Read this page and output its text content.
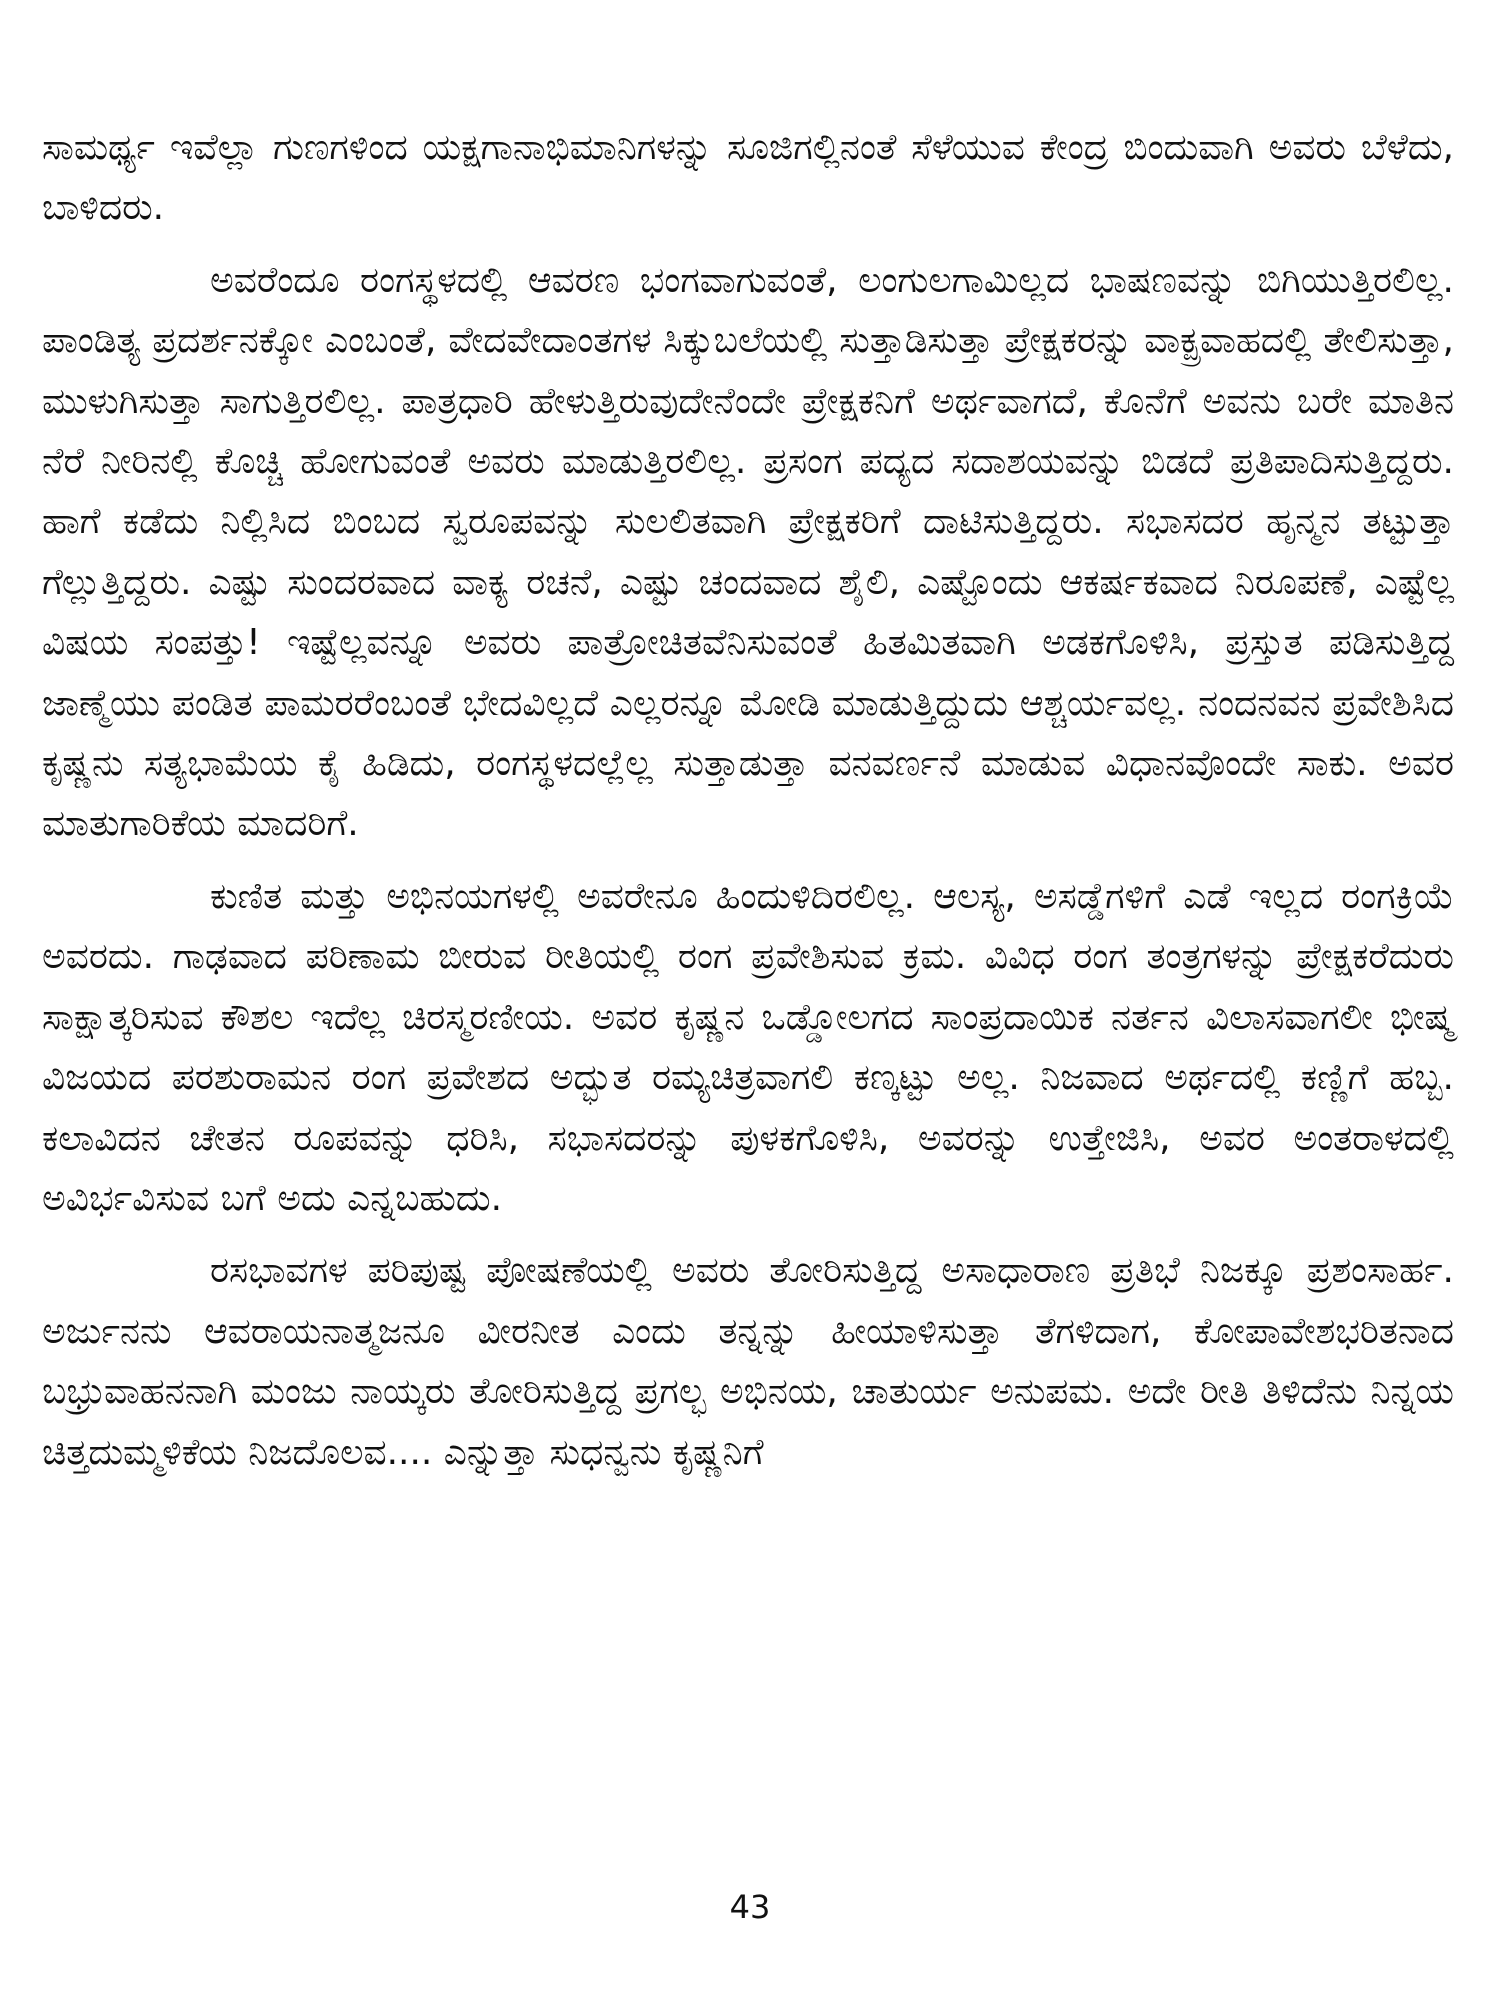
ಸಾಮರ್ಥ್ಯ ಇವೆಲ್ಲಾ ಗುಣಗಳಿಂದ ಯಕ್ಷಗಾನಾಭಿಮಾನಿಗಳನ್ನು ಸೂಜಿಗಲ್ಲಿನಂತೆ ಸೆಳೆಯುವ ಕೇಂದ್ರ ಬಿಂದುವಾಗಿ ಅವರು ಬೆಳೆದು, ಬಾಳಿದರು.

ಅವರೆಂದೂ ರಂಗಸ್ಥಳದಲ್ಲಿ ಆವರಣ ಭಂಗವಾಗುವಂತೆ, ಲಂಗುಲಗಾಮಿಲ್ಲದ ಭಾಷಣವನ್ನು ಬಿಗಿಯುತ್ತಿರಲಿಲ್ಲ. ಪಾಂಡಿತ್ಯ ಪ್ರದರ್ಶನಕ್ಕೋ ಎಂಬಂತೆ, ವೇದವೇದಾಂತಗಳ ಸಿಕ್ಕುಬಲೆಯಲ್ಲಿ ಸುತ್ತಾಡಿಸುತ್ತಾ ಪ್ರೇಕ್ಷಕರನ್ನು ವಾಕ್ಪ್ರವಾಹದಲ್ಲಿ ತೇಲಿಸುತ್ತಾ, ಮುಳುಗಿಸುತ್ತಾ ಸಾಗುತ್ತಿರಲಿಲ್ಲ. ಪಾತ್ರಧಾರಿ ಹೇಳುತ್ತಿರುವುದೇನೆಂದೇ ಪ್ರೇಕ್ಷಕನಿಗೆ ಅರ್ಥವಾಗದೆ, ಕೊನೆಗೆ ಅವನು ಬರೇ ಮಾತಿನ ನೆರೆ ನೀರಿನಲ್ಲಿ ಕೊಚ್ಚಿ ಹೋಗುವಂತೆ ಅವರು ಮಾಡುತ್ತಿರಲಿಲ್ಲ. ಪ್ರಸಂಗ ಪದ್ಯದ ಸದಾಶಯವನ್ನು ಬಿಡದೆ ಪ್ರತಿಪಾದಿಸುತ್ತಿದ್ದರು. ಹಾಗೆ ಕಡೆದು ನಿಲ್ಲಿಸಿದ ಬಿಂಬದ ಸ್ವರೂಪವನ್ನು ಸುಲಲಿತವಾಗಿ ಪ್ರೇಕ್ಷಕರಿಗೆ ದಾಟಿಸುತ್ತಿದ್ದರು. ಸಭಾಸದರ ಹೃನ್ಮನ ತಟ್ಟುತ್ತಾ ಗೆಲ್ಲುತ್ತಿದ್ದರು. ಎಷ್ಟು ಸುಂದರವಾದ ವಾಕ್ಯ ರಚನೆ, ಎಷ್ಟು ಚಂದವಾದ ಶೈಲಿ, ಎಷ್ಟೊಂದು ಆಕರ್ಷಕವಾದ ನಿರೂಪಣೆ, ಎಷ್ಟೆಲ್ಲ ವಿಷಯ ಸಂಪತ್ತು! ಇಷ್ಟೆಲ್ಲವನ್ನೂ ಅವರು ಪಾತ್ರೋಚಿತವೆನಿಸುವಂತೆ ಹಿತಮಿತವಾಗಿ ಅಡಕಗೊಳಿಸಿ, ಪ್ರಸ್ತುತ ಪಡಿಸುತ್ತಿದ್ದ ಜಾಣ್ಮೆಯು ಪಂಡಿತ ಪಾಮರರೆಂಬಂತೆ ಭೇದವಿಲ್ಲದೆ ಎಲ್ಲರನ್ನೂ ಮೋಡಿ ಮಾಡುತ್ತಿದ್ದುದು ಆಶ್ಚರ್ಯವಲ್ಲ. ನಂದನವನ ಪ್ರವೇಶಿಸಿದ ಕೃಷ್ಣನು ಸತ್ಯಭಾಮೆಯ ಕೈ ಹಿಡಿದು, ರಂಗಸ್ಥಳದಲ್ಲೆಲ್ಲ ಸುತ್ತಾಡುತ್ತಾ ವನವರ್ಣನೆ ಮಾಡುವ ವಿಧಾನವೊಂದೇ ಸಾಕು. ಅವರ ಮಾತುಗಾರಿಕೆಯ ಮಾದರಿಗೆ.

ಕುಣಿತ ಮತ್ತು ಅಭಿನಯಗಳಲ್ಲಿ ಅವರೇನೂ ಹಿಂದುಳಿದಿರಲಿಲ್ಲ. ಆಲಸ್ಯ, ಅಸಡ್ಡೆಗಳಿಗೆ ಎಡೆ ಇಲ್ಲದ ರಂಗಕ್ರಿಯೆ ಅವರದು. ಗಾಢವಾದ ಪರಿಣಾಮ ಬೀರುವ ರೀತಿಯಲ್ಲಿ ರಂಗ ಪ್ರವೇಶಿಸುವ ಕ್ರಮ. ವಿವಿಧ ರಂಗ ತಂತ್ರಗಳನ್ನು ಪ್ರೇಕ್ಷಕರೆದುರು ಸಾಕ್ಷಾತ್ಕರಿಸುವ ಕೌಶಲ ಇದೆಲ್ಲ ಚಿರಸ್ಮರಣೀಯ. ಅವರ ಕೃಷ್ಣನ ಒಡ್ಡೋಲಗದ ಸಾಂಪ್ರದಾಯಿಕ ನರ್ತನ ವಿಲಾಸವಾಗಲೀ ಭೀಷ್ಮ ವಿಜಯದ ಪರಶುರಾಮನ ರಂಗ ಪ್ರವೇಶದ ಅದ್ಭುತ ರಮ್ಯಚಿತ್ರವಾಗಲಿ ಕಣ್ಕಟ್ಟು ಅಲ್ಲ. ನಿಜವಾದ ಅರ್ಥದಲ್ಲಿ ಕಣ್ಣಿಗೆ ಹಬ್ಬ. ಕಲಾವಿದನ ಚೇತನ ರೂಪವನ್ನು ಧರಿಸಿ, ಸಭಾಸದರನ್ನು ಪುಳಕಗೊಳಿಸಿ, ಅವರನ್ನು ಉತ್ತೇಜಿಸಿ, ಅವರ ಅಂತರಾಳದಲ್ಲಿ ಅವಿರ್ಭವಿಸುವ ಬಗೆ ಅದು ಎನ್ನಬಹುದು.

ರಸಭಾವಗಳ ಪರಿಪುಷ್ಟ ಪೋಷಣೆಯಲ್ಲಿ ಅವರು ತೋರಿಸುತ್ತಿದ್ದ ಅಸಾಧಾರಾಣ ಪ್ರತಿಭೆ ನಿಜಕ್ಕೂ ಪ್ರಶಂಸಾರ್ಹ. ಅರ್ಜುನನು ಆವರಾಯನಾತ್ಮಜನೂ ವೀರನೀತ ಎಂದು ತನ್ನನ್ನು ಹೀಯಾಳಿಸುತ್ತಾ ತೆಗಳಿದಾಗ, ಕೋಪಾವೇಶಭರಿತನಾದ ಬಭ್ರುವಾಹನನಾಗಿ ಮಂಜು ನಾಯ್ಕರು ತೋರಿಸುತ್ತಿದ್ದ ಪ್ರಗಲ್ಭ ಅಭಿನಯ, ಚಾತುರ್ಯ ಅನುಪಮ. ಅದೇ ರೀತಿ ತಿಳಿದೆನು ನಿನ್ನಯ ಚಿತ್ತದುಮ್ಮಳಿಕೆಯ ನಿಜದೊಲವ.... ಎನ್ನುತ್ತಾ ಸುಧನ್ವನು ಕೃಷ್ಣನಿಗೆ

43
